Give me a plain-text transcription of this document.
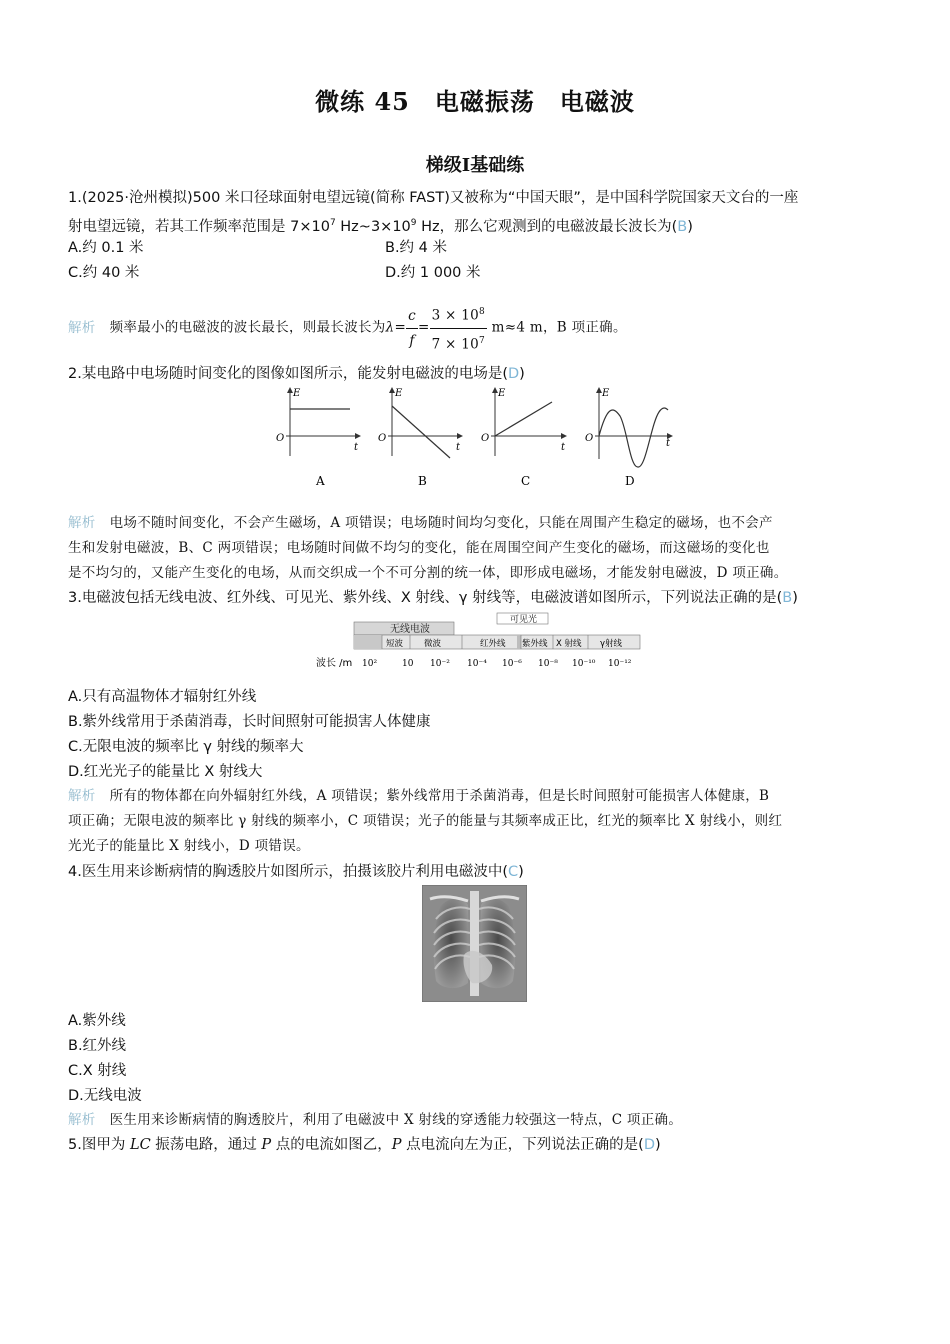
微练 45　电磁振荡　电磁波
梯级Ⅰ基础练
1.(2025·沧州模拟)500 米口径球面射电望远镜(简称 FAST)又被称为“中国天眼”，是中国科学院国家天文台的一座
射电望远镜，若其工作频率范围是 $7\times 10^7$ $Hz\sim 3\times 10^9$ Hz，那么它观测到的电磁波最长波长为(B)
A.约 0.1 米	B.约 4 米
C.约 40 米	D.约 1 000 米
解析 频率最小的电磁波的波长最长，则最长波长为$\lambda= \frac{c}{f} = \frac{3 \times 10^8}{7 \times 10^7} m\approx 4$ m，B 项正确。
2.某电路中电场随时间变化的图像如图所示，能发射电磁波的电场是(D)
E
O
t
A
E
O
t
B
E
O
t
C
E
O	t
D
解析 电场不随时间变化，不会产生磁场，A 项错误；电场随时间均匀变化，只能在周围产生稳定的磁场，也不会产
生和发射电磁波，B、C 两项错误；电场随时间做不均匀的变化，能在周围空间产生变化的磁场，而这磁场的变化也
是不均匀的，又能产生变化的电场，从而交织成一个不可分割的统一体，即形成电磁场，才能发射电磁波，D 项正确。
3.电磁波包括无线电波、红外线、可见光、紫外线、X 射线、γ 射线等，电磁波谱如图所示，下列说法正确的是(B)
无线电波
可见光
短波 微波	红外线 紫外线 X 射线 γ射线
波长 /m 10²	10 10⁻² 10⁻⁴ 10⁻⁶ 10⁻⁸ 10⁻¹⁰ 10⁻¹²
A.只有高温物体才辐射红外线
B.紫外线常用于杀菌消毒，长时间照射可能损害人体健康
C.无限电波的频率比 γ 射线的频率大
D.红光光子的能量比 X 射线大
解析 所有的物体都在向外辐射红外线，A 项错误；紫外线常用于杀菌消毒，但是长时间照射可能损害人体健康，B
项正确；无限电波的频率比 γ 射线的频率小，C 项错误；光子的能量与其频率成正比，红光的频率比 X 射线小，则红
光光子的能量比 X 射线小，D 项错误。
4.医生用来诊断病情的胸透胶片如图所示，拍摄该胶片利用电磁波中(C)
A.紫外线
B.红外线
C.X 射线
D.无线电波
解析 医生用来诊断病情的胸透胶片，利用了电磁波中 X 射线的穿透能力较强这一特点，C 项正确。
5.图甲为 LC 振荡电路，通过 P 点的电流如图乙，P 点电流向左为正，下列说法正确的是(D)
